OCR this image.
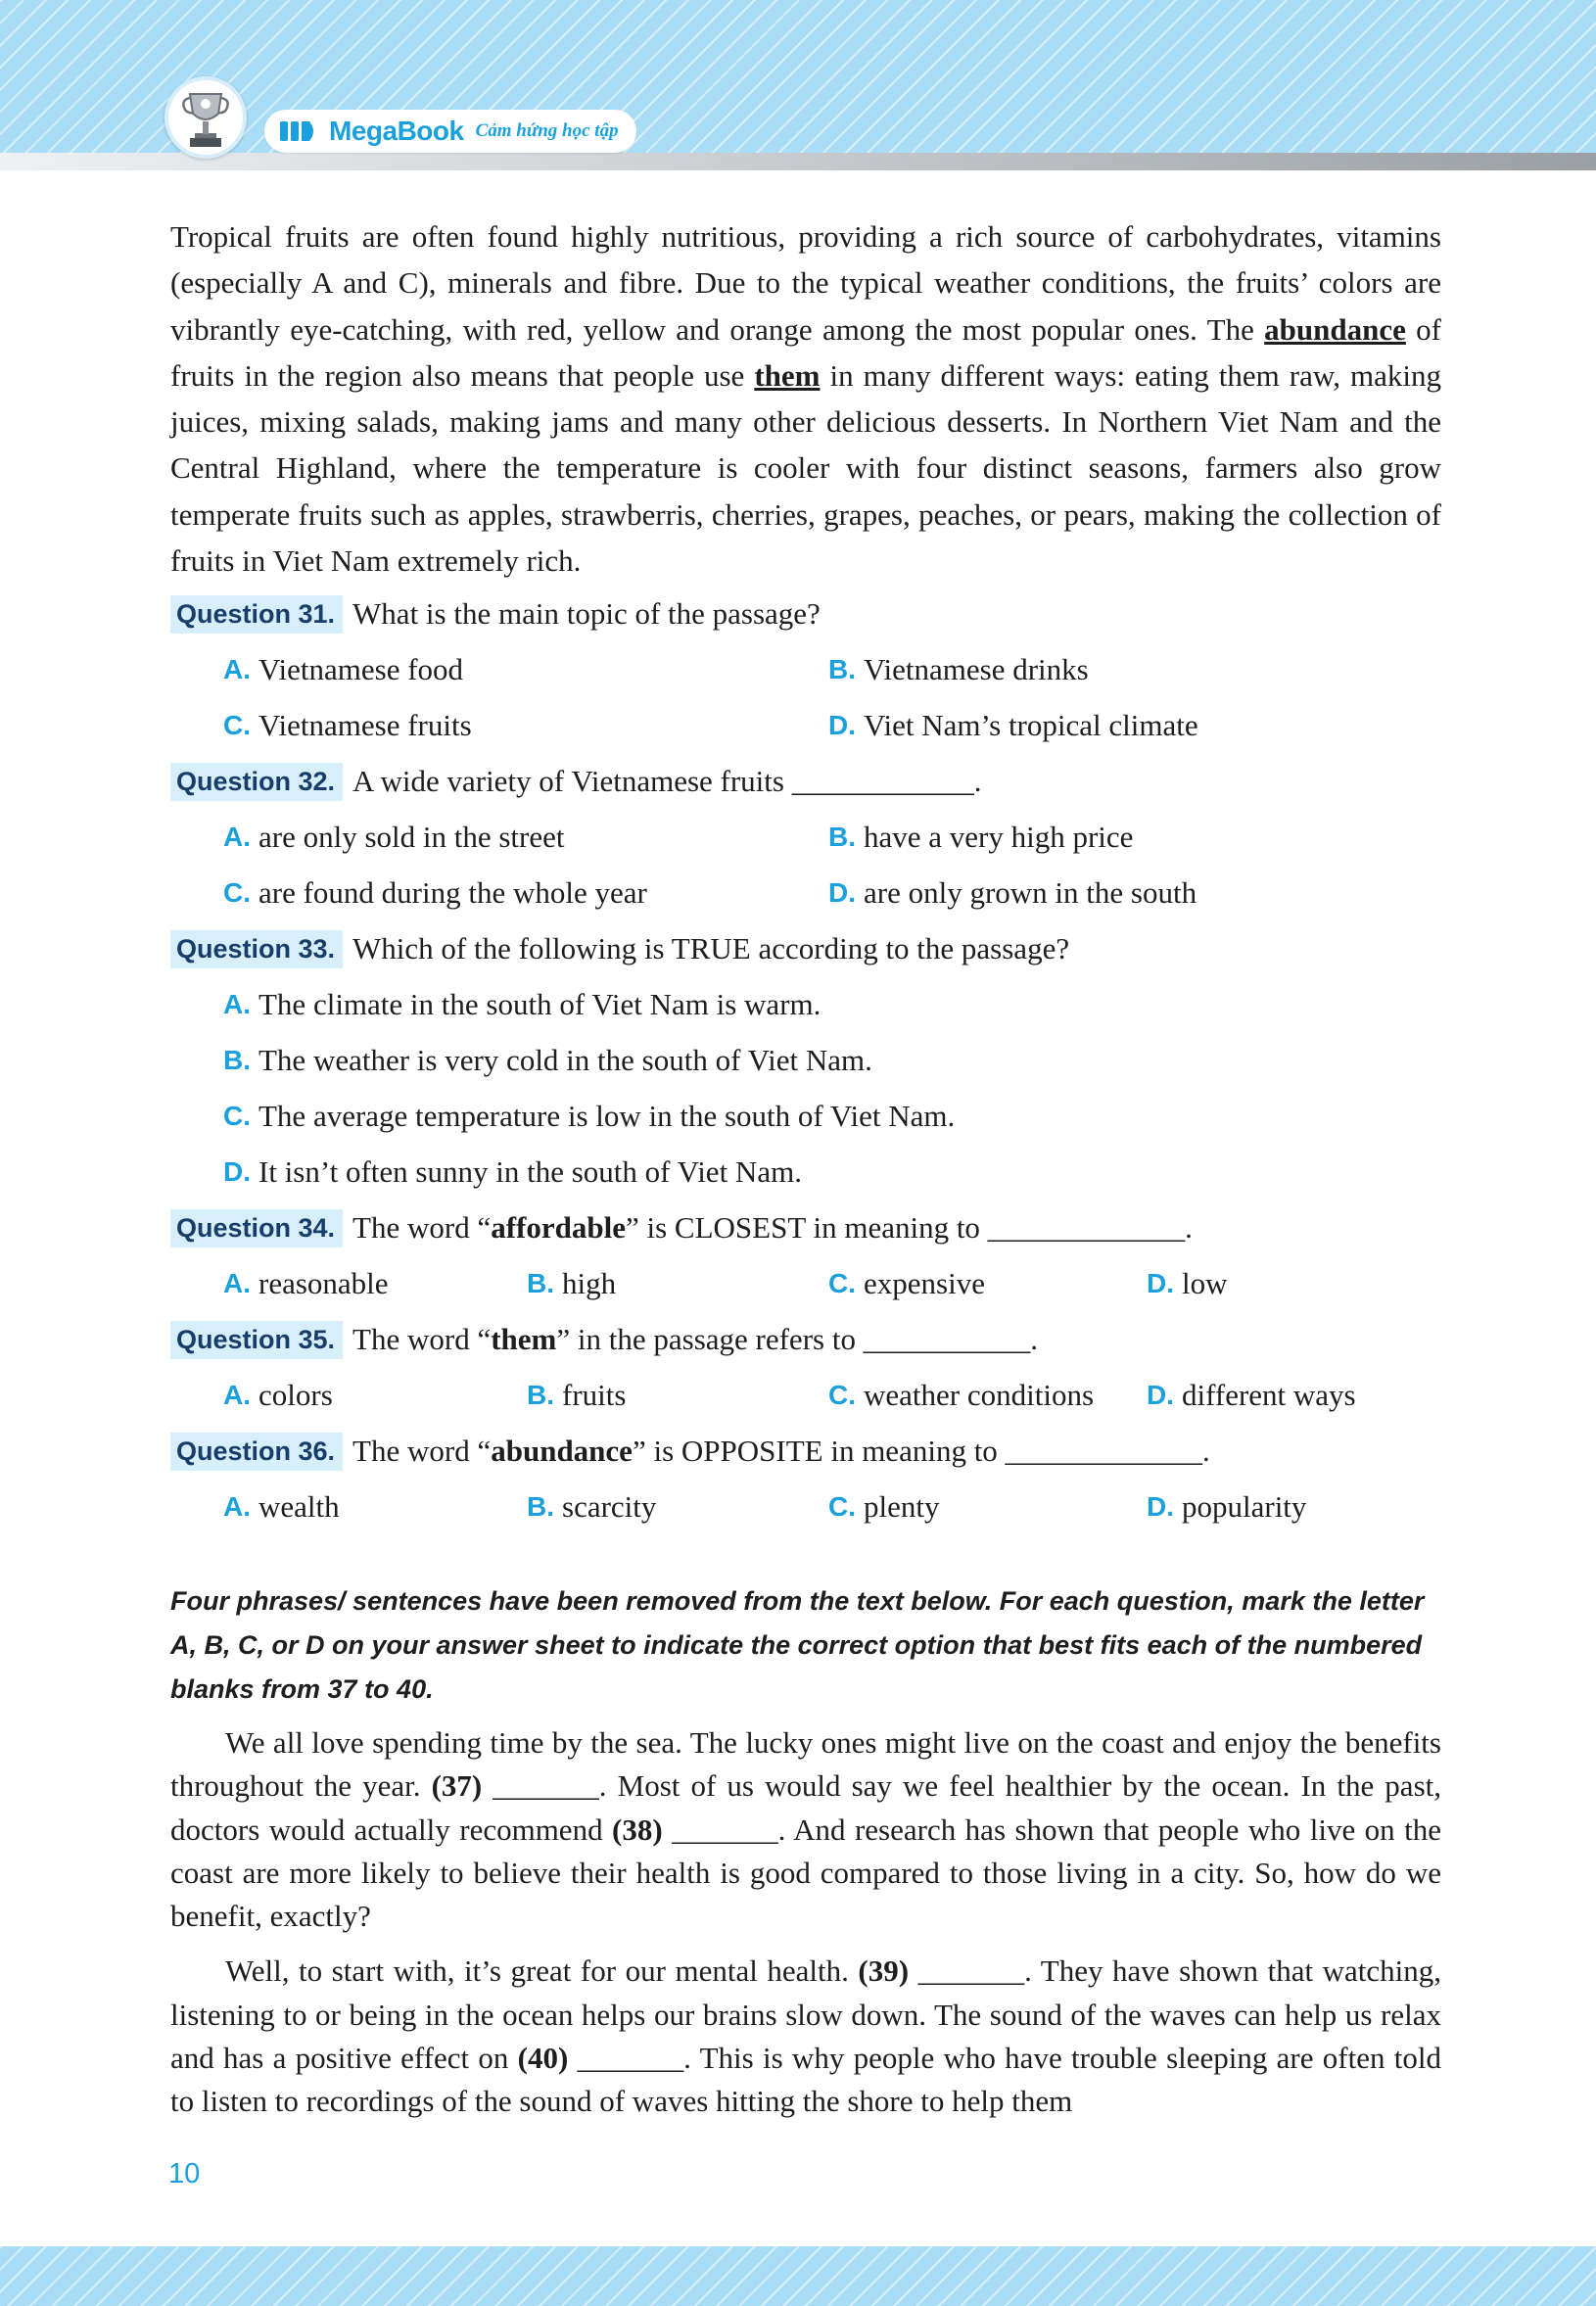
MegaBook Cảm hứng học tập

Tropical fruits are often found highly nutritious, providing a rich source of carbohydrates, vitamins (especially A and C), minerals and fibre. Due to the typical weather conditions, the fruits’ colors are vibrantly eye-catching, with red, yellow and orange among the most popular ones. The abundance of fruits in the region also means that people use them in many different ways: eating them raw, making juices, mixing salads, making jams and many other delicious desserts. In Northern Viet Nam and the Central Highland, where the temperature is cooler with four distinct seasons, farmers also grow temperate fruits such as apples, strawberris, cherries, grapes, peaches, or pears, making the collection of fruits in Viet Nam extremely rich.

Question 31. What is the main topic of the passage?
A. Vietnamese food	B. Vietnamese drinks
C. Vietnamese fruits	D. Viet Nam’s tropical climate
Question 32. A wide variety of Vietnamese fruits ____________.
A. are only sold in the street	B. have a very high price
C. are found during the whole year	D. are only grown in the south
Question 33. Which of the following is TRUE according to the passage?
A. The climate in the south of Viet Nam is warm.
B. The weather is very cold in the south of Viet Nam.
C. The average temperature is low in the south of Viet Nam.
D. It isn’t often sunny in the south of Viet Nam.
Question 34. The word “affordable” is CLOSEST in meaning to _____________.
A. reasonable	B. high	C. expensive	D. low
Question 35. The word “them” in the passage refers to ___________.
A. colors	B. fruits	C. weather conditions D. different ways
Question 36. The word “abundance” is OPPOSITE in meaning to _____________.
A. wealth	B. scarcity	C. plenty	D. popularity
Four phrases/ sentences have been removed from the text below. For each question, mark the letter A, B, C, or D on your answer sheet to indicate the correct option that best fits each of the numbered blanks from 37 to 40.

We all love spending time by the sea. The lucky ones might live on the coast and enjoy the benefits throughout the year. (37) _______. Most of us would say we feel healthier by the ocean. In the past, doctors would actually recommend (38) _______. And research has shown that people who live on the coast are more likely to believe their health is good compared to those living in a city. So, how do we benefit, exactly?

Well, to start with, it’s great for our mental health. (39) _______. They have shown that watching, listening to or being in the ocean helps our brains slow down. The sound of the waves can help us relax and has a positive effect on (40) _______. This is why people who have trouble sleeping are often told to listen to recordings of the sound of waves hitting the shore to help them

10
